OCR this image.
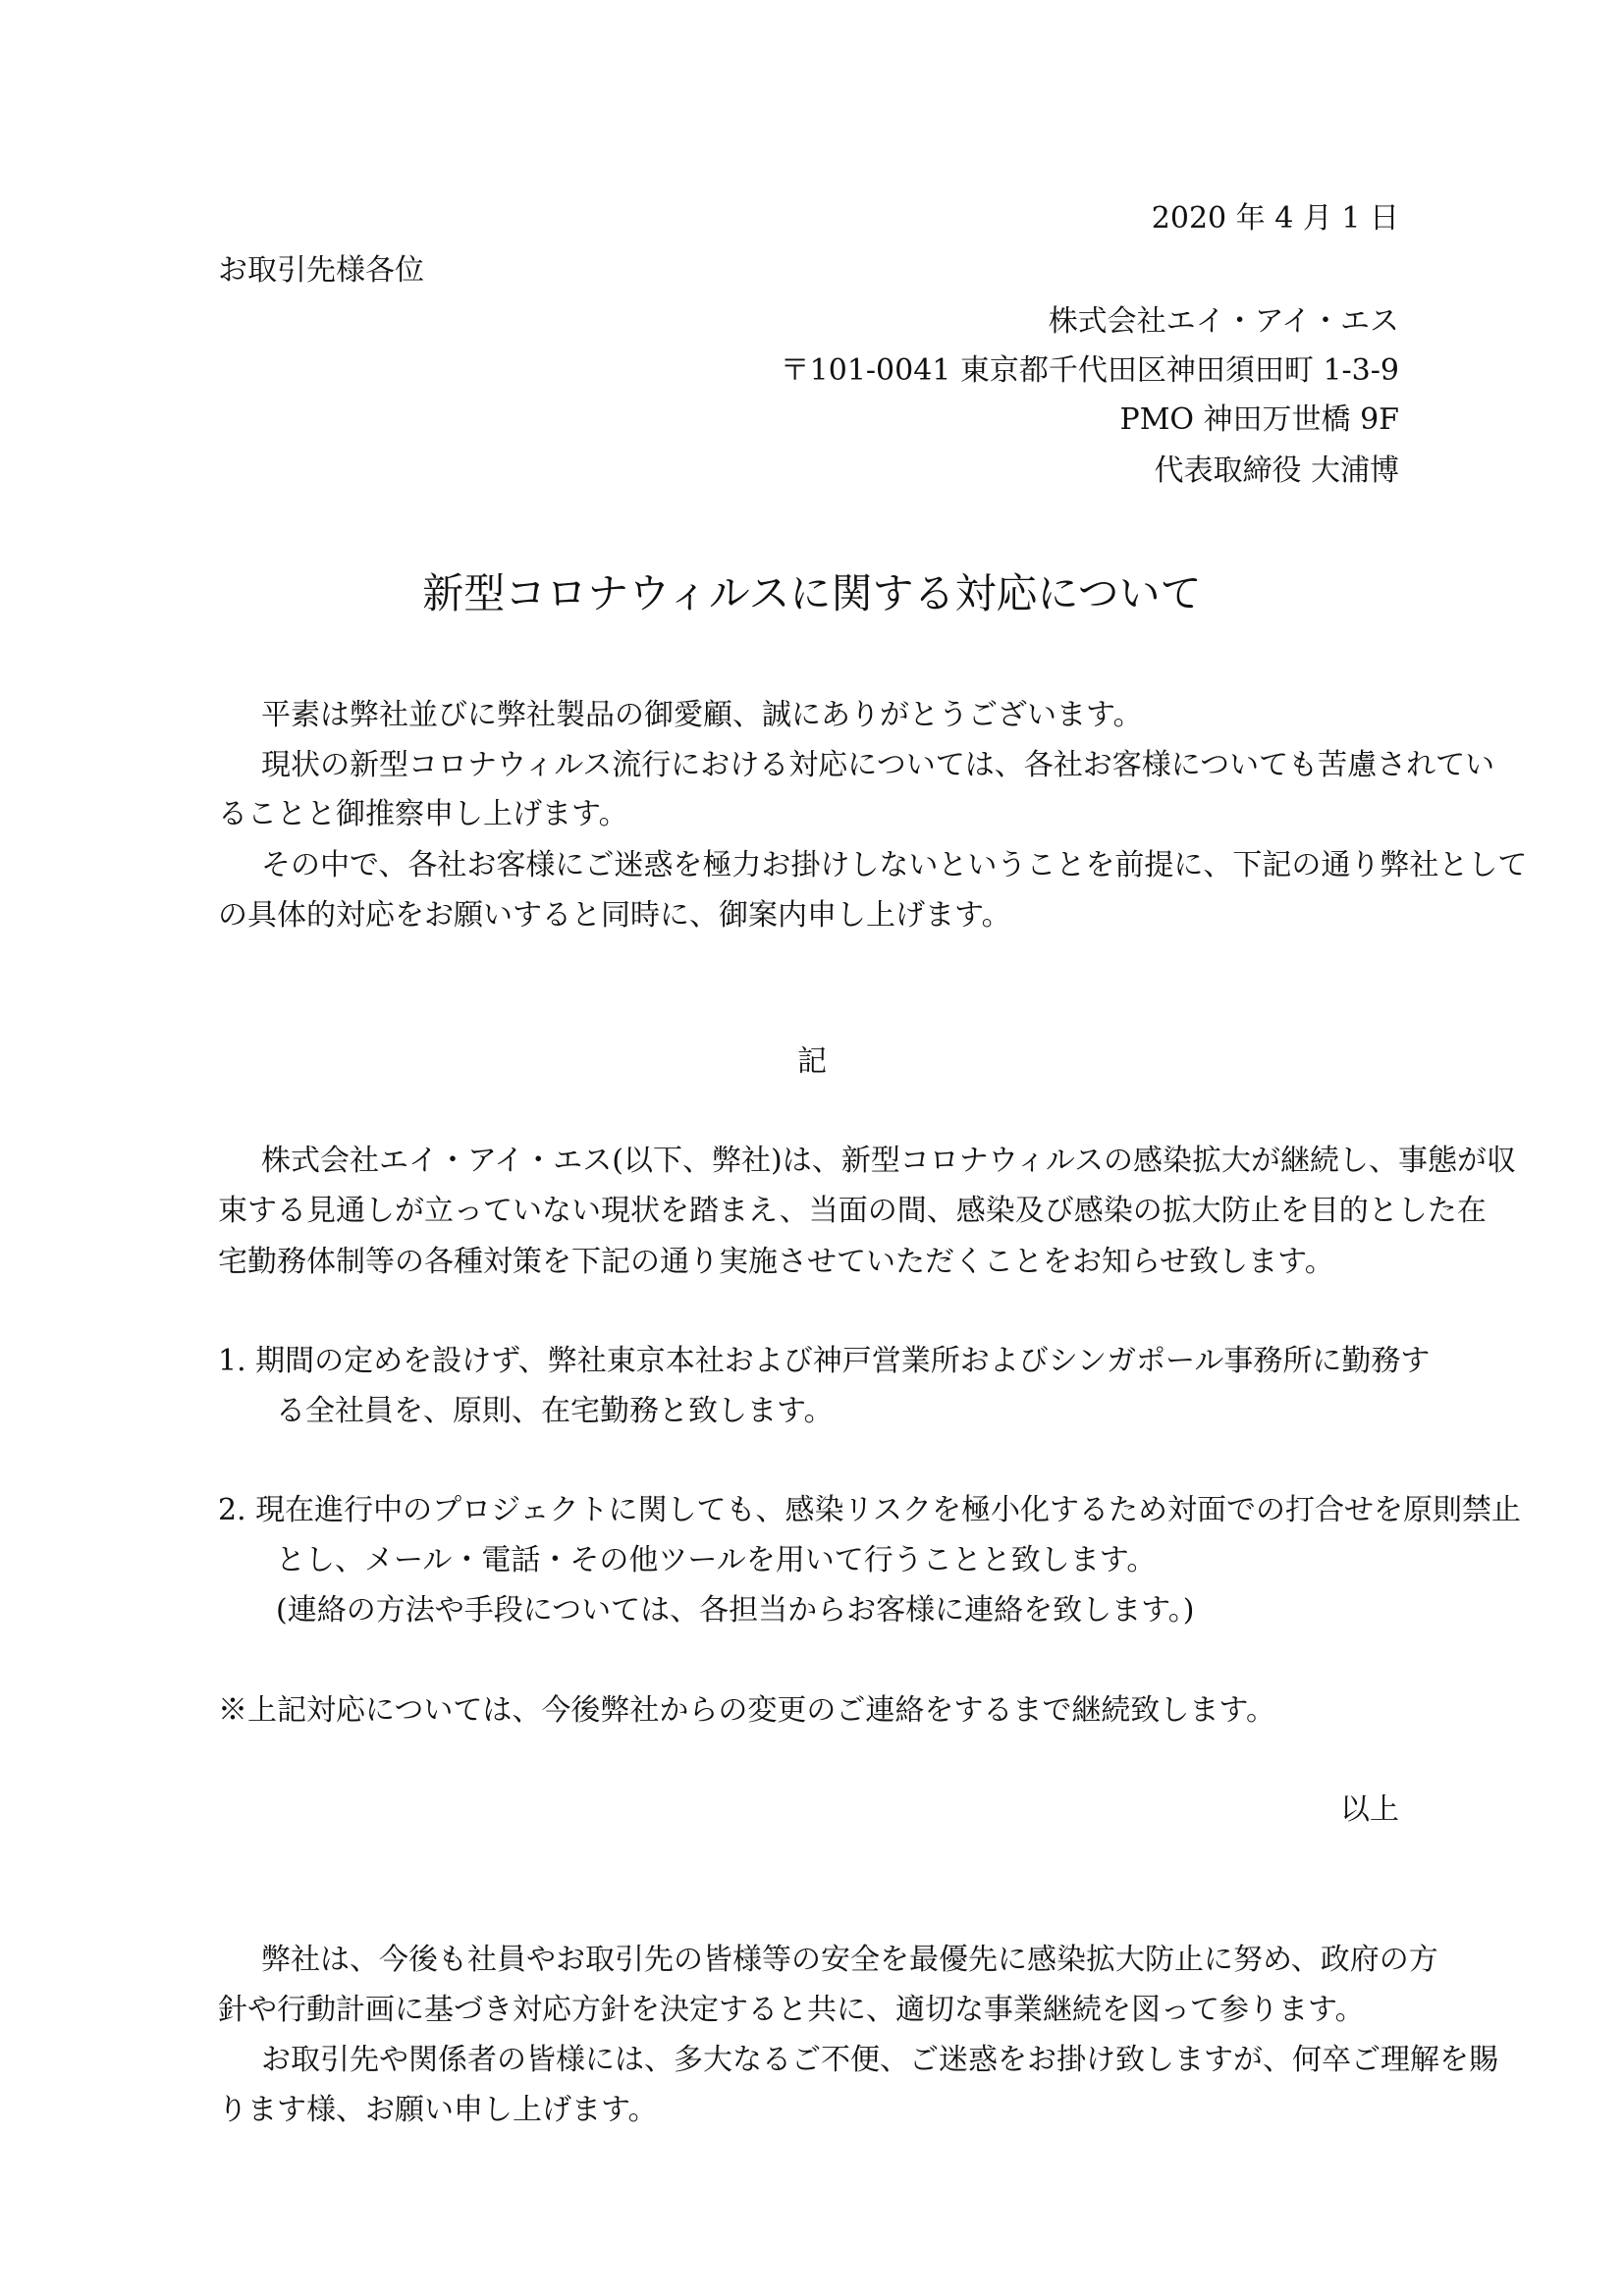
2020 年 4 月 1 日
お取引先様各位
株式会社エイ・アイ・エス
〒101-0041 東京都千代田区神田須田町 1-3-9
PMO 神田万世橋 9F
代表取締役 大浦博
新型コロナウィルスに関する対応について
平素は弊社並びに弊社製品の御愛顧、誠にありがとうございます。
現状の新型コロナウィルス流行における対応については、各社お客様についても苦慮されてい
ることと御推察申し上げます。
その中で、各社お客様にご迷惑を極力お掛けしないということを前提に、下記の通り弊社として
の具体的対応をお願いすると同時に、御案内申し上げます。
記
株式会社エイ・アイ・エス(以下、弊社)は、新型コロナウィルスの感染拡大が継続し、事態が収
束する見通しが立っていない現状を踏まえ、当面の間、感染及び感染の拡大防止を目的とした在
宅勤務体制等の各種対策を下記の通り実施させていただくことをお知らせ致します。
1. 期間の定めを設けず、弊社東京本社および神戸営業所およびシンガポール事務所に勤務す
る全社員を、原則、在宅勤務と致します。
2. 現在進行中のプロジェクトに関しても、感染リスクを極小化するため対面での打合せを原則禁止
とし、メール・電話・その他ツールを用いて行うことと致します。
(連絡の方法や手段については、各担当からお客様に連絡を致します。)
※上記対応については、今後弊社からの変更のご連絡をするまで継続致します。
以上
弊社は、今後も社員やお取引先の皆様等の安全を最優先に感染拡大防止に努め、政府の方
針や行動計画に基づき対応方針を決定すると共に、適切な事業継続を図って参ります。
お取引先や関係者の皆様には、多大なるご不便、ご迷惑をお掛け致しますが、何卒ご理解を賜
ります様、お願い申し上げます。
